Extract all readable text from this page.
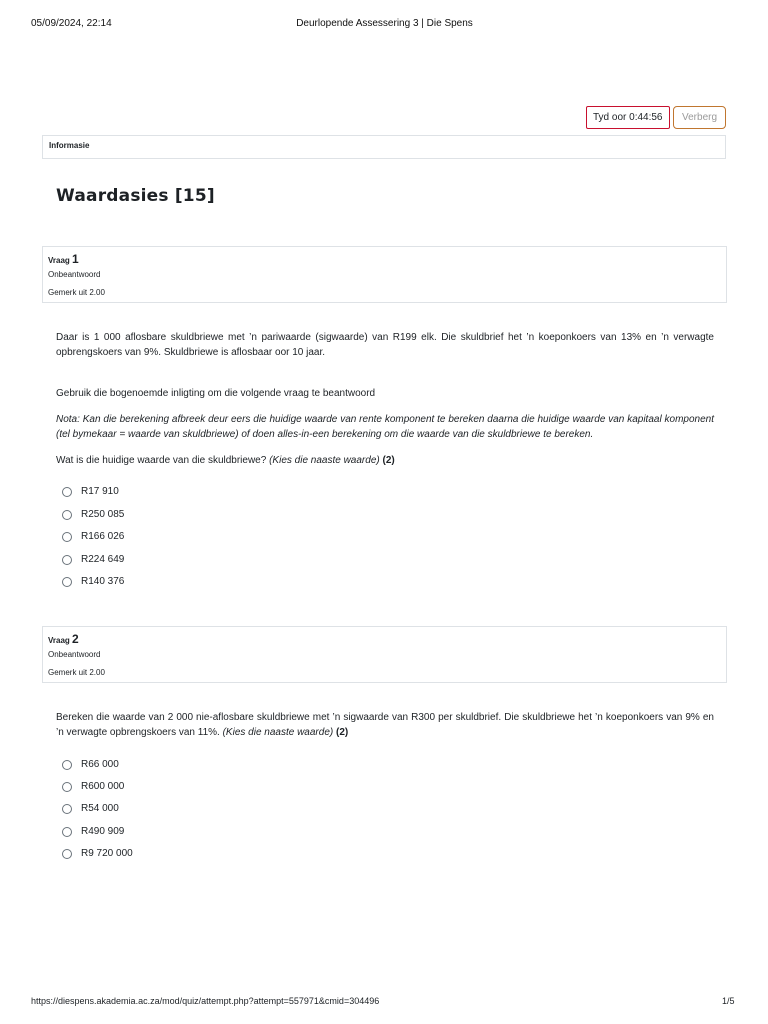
05/09/2024, 22:14	Deurlopende Assessering 3 | Die Spens
Tyd oor 0:44:56	Verberg
Informasie
Waardasies [15]
Vraag 1
Onbeantwoord
Gemerk uit 2.00
Daar is 1 000 aflosbare skuldbriewe met ’n pariwaarde (sigwaarde) van R199 elk. Die skuldbrief het ’n koeponkoers van 13% en ’n verwagte opbrengskoers van 9%. Skuldbriewe is aflosbaar oor 10 jaar.
Gebruik die bogenoemde inligting om die volgende vraag te beantwoord
Nota: Kan die berekening afbreek deur eers die huidige waarde van rente komponent te bereken daarna die huidige waarde van kapitaal komponent (tel bymekaar = waarde van skuldbriewe) of doen alles-in-een berekening om die waarde van die skuldbriewe te bereken.
Wat is die huidige waarde van die skuldbriewe? (Kies die naaste waarde) (2)
R17 910
R250 085
R166 026
R224 649
R140 376
Vraag 2
Onbeantwoord
Gemerk uit 2.00
Bereken die waarde van 2 000 nie-aflosbare skuldbriewe met ’n sigwaarde van R300 per skuldbrief. Die skuldbriewe het ’n koeponkoers van 9% en ’n verwagte opbrengskoers van 11%. (Kies die naaste waarde) (2)
R66 000
R600 000
R54 000
R490 909
R9 720 000
https://diespens.akademia.ac.za/mod/quiz/attempt.php?attempt=557971&cmid=304496	1/5
